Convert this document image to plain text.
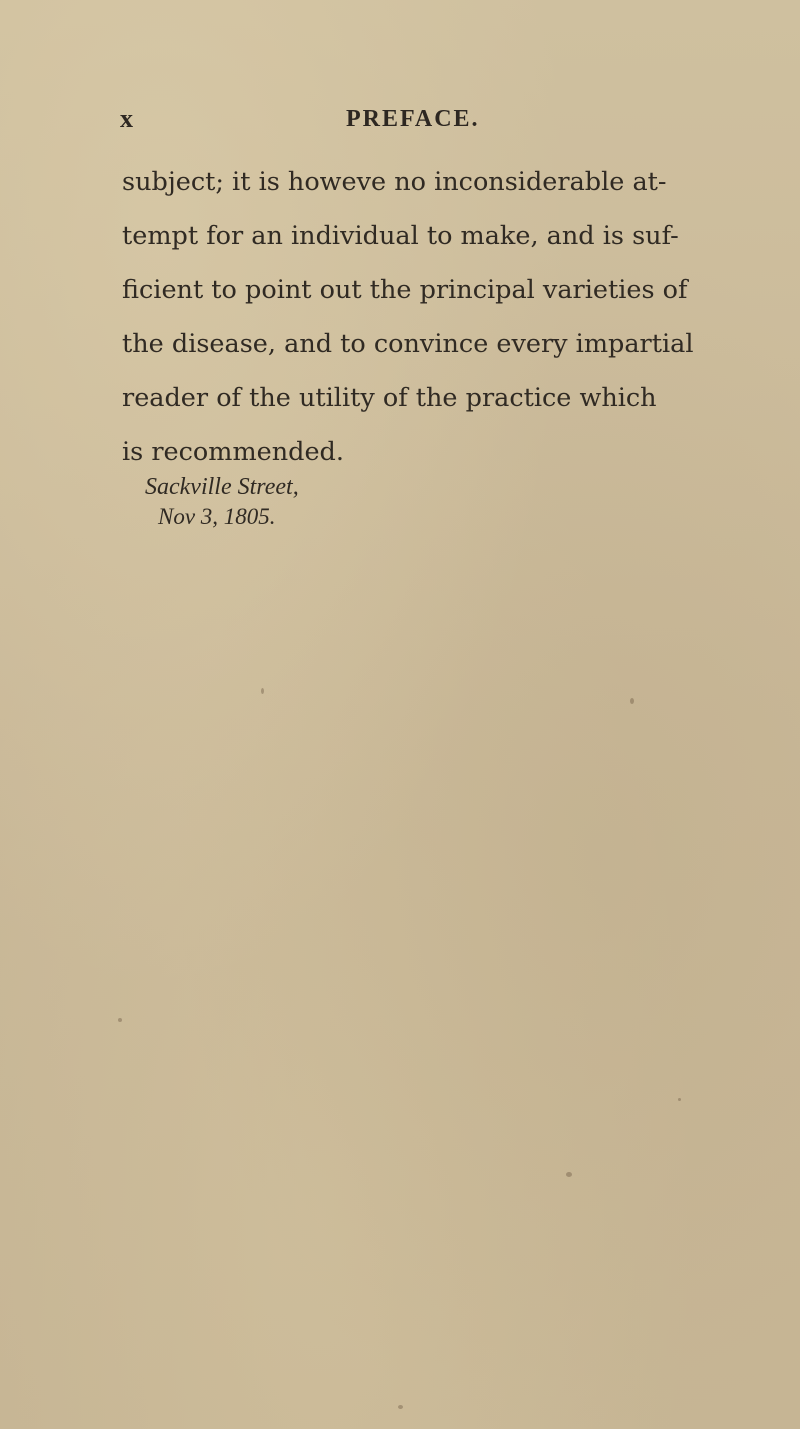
x	PREFACE.
subject; it is howeve no inconsiderable at-
tempt for an individual to make, and is suf-
ficient to point out the principal varieties of
the disease, and to convince every impartial
reader of the utility of the practice which
is recommended.
Sackville Street,
Nov 3, 1805.
